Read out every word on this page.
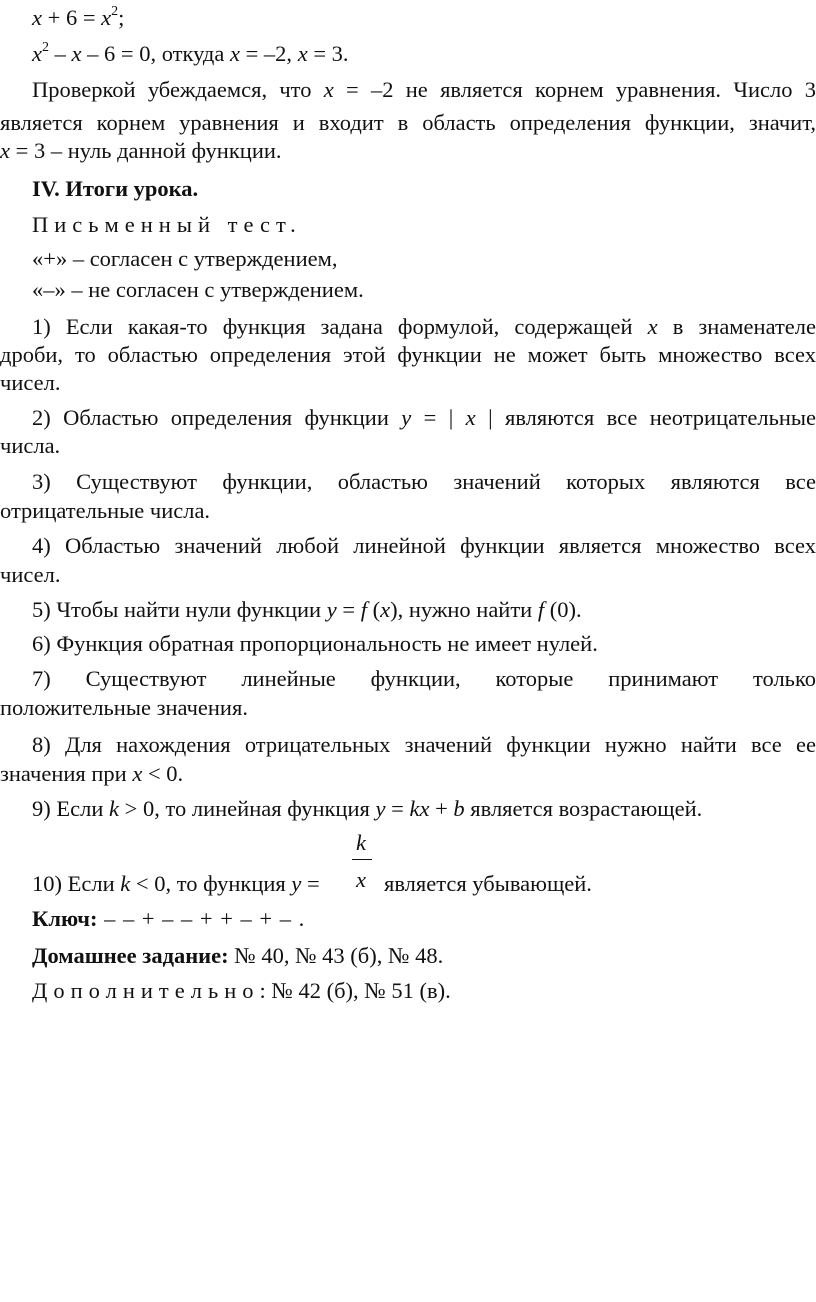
$x + 6 = x^2$;
$x^2 - x - 6 = 0$, откуда x = –2, x = 3.
Проверкой убеждаемся, что x = –2 не является корнем уравнения. Число 3
является корнем уравнения и входит в область определения функции, значит,
x = 3 – нуль данной функции.
IV. Итоги урока.
Письменный тест.
«+» – согласен с утверждением,
«–» – не согласен с утверждением.
1) Если какая-то функция задана формулой, содержащей x в знаменателе
дроби, то областью определения этой функции не может быть множество всех
чисел.
2) Областью определения функции y = | x | являются все неотрицательные
числа.
3) Существуют функции, областью значений которых являются все
отрицательные числа.
4) Областью значений любой линейной функции является множество всех
чисел.
5) Чтобы найти нули функции y = f (x), нужно найти f (0).
6) Функция обратная пропорциональность не имеет нулей.
7) Существуют линейные функции, которые принимают только
положительные значения.
8) Для нахождения отрицательных значений функции нужно найти все ее
значения при x < 0.
9) Если k > 0, то линейная функция y = kx + b является возрастающей.
k
10) Если k < 0, то функция y =	x является убывающей.
Ключ: – – + – – + + – + – .
Домашнее задание: № 40, № 43 (б), № 48.
Дополнительно: № 42 (б), № 51 (в).
